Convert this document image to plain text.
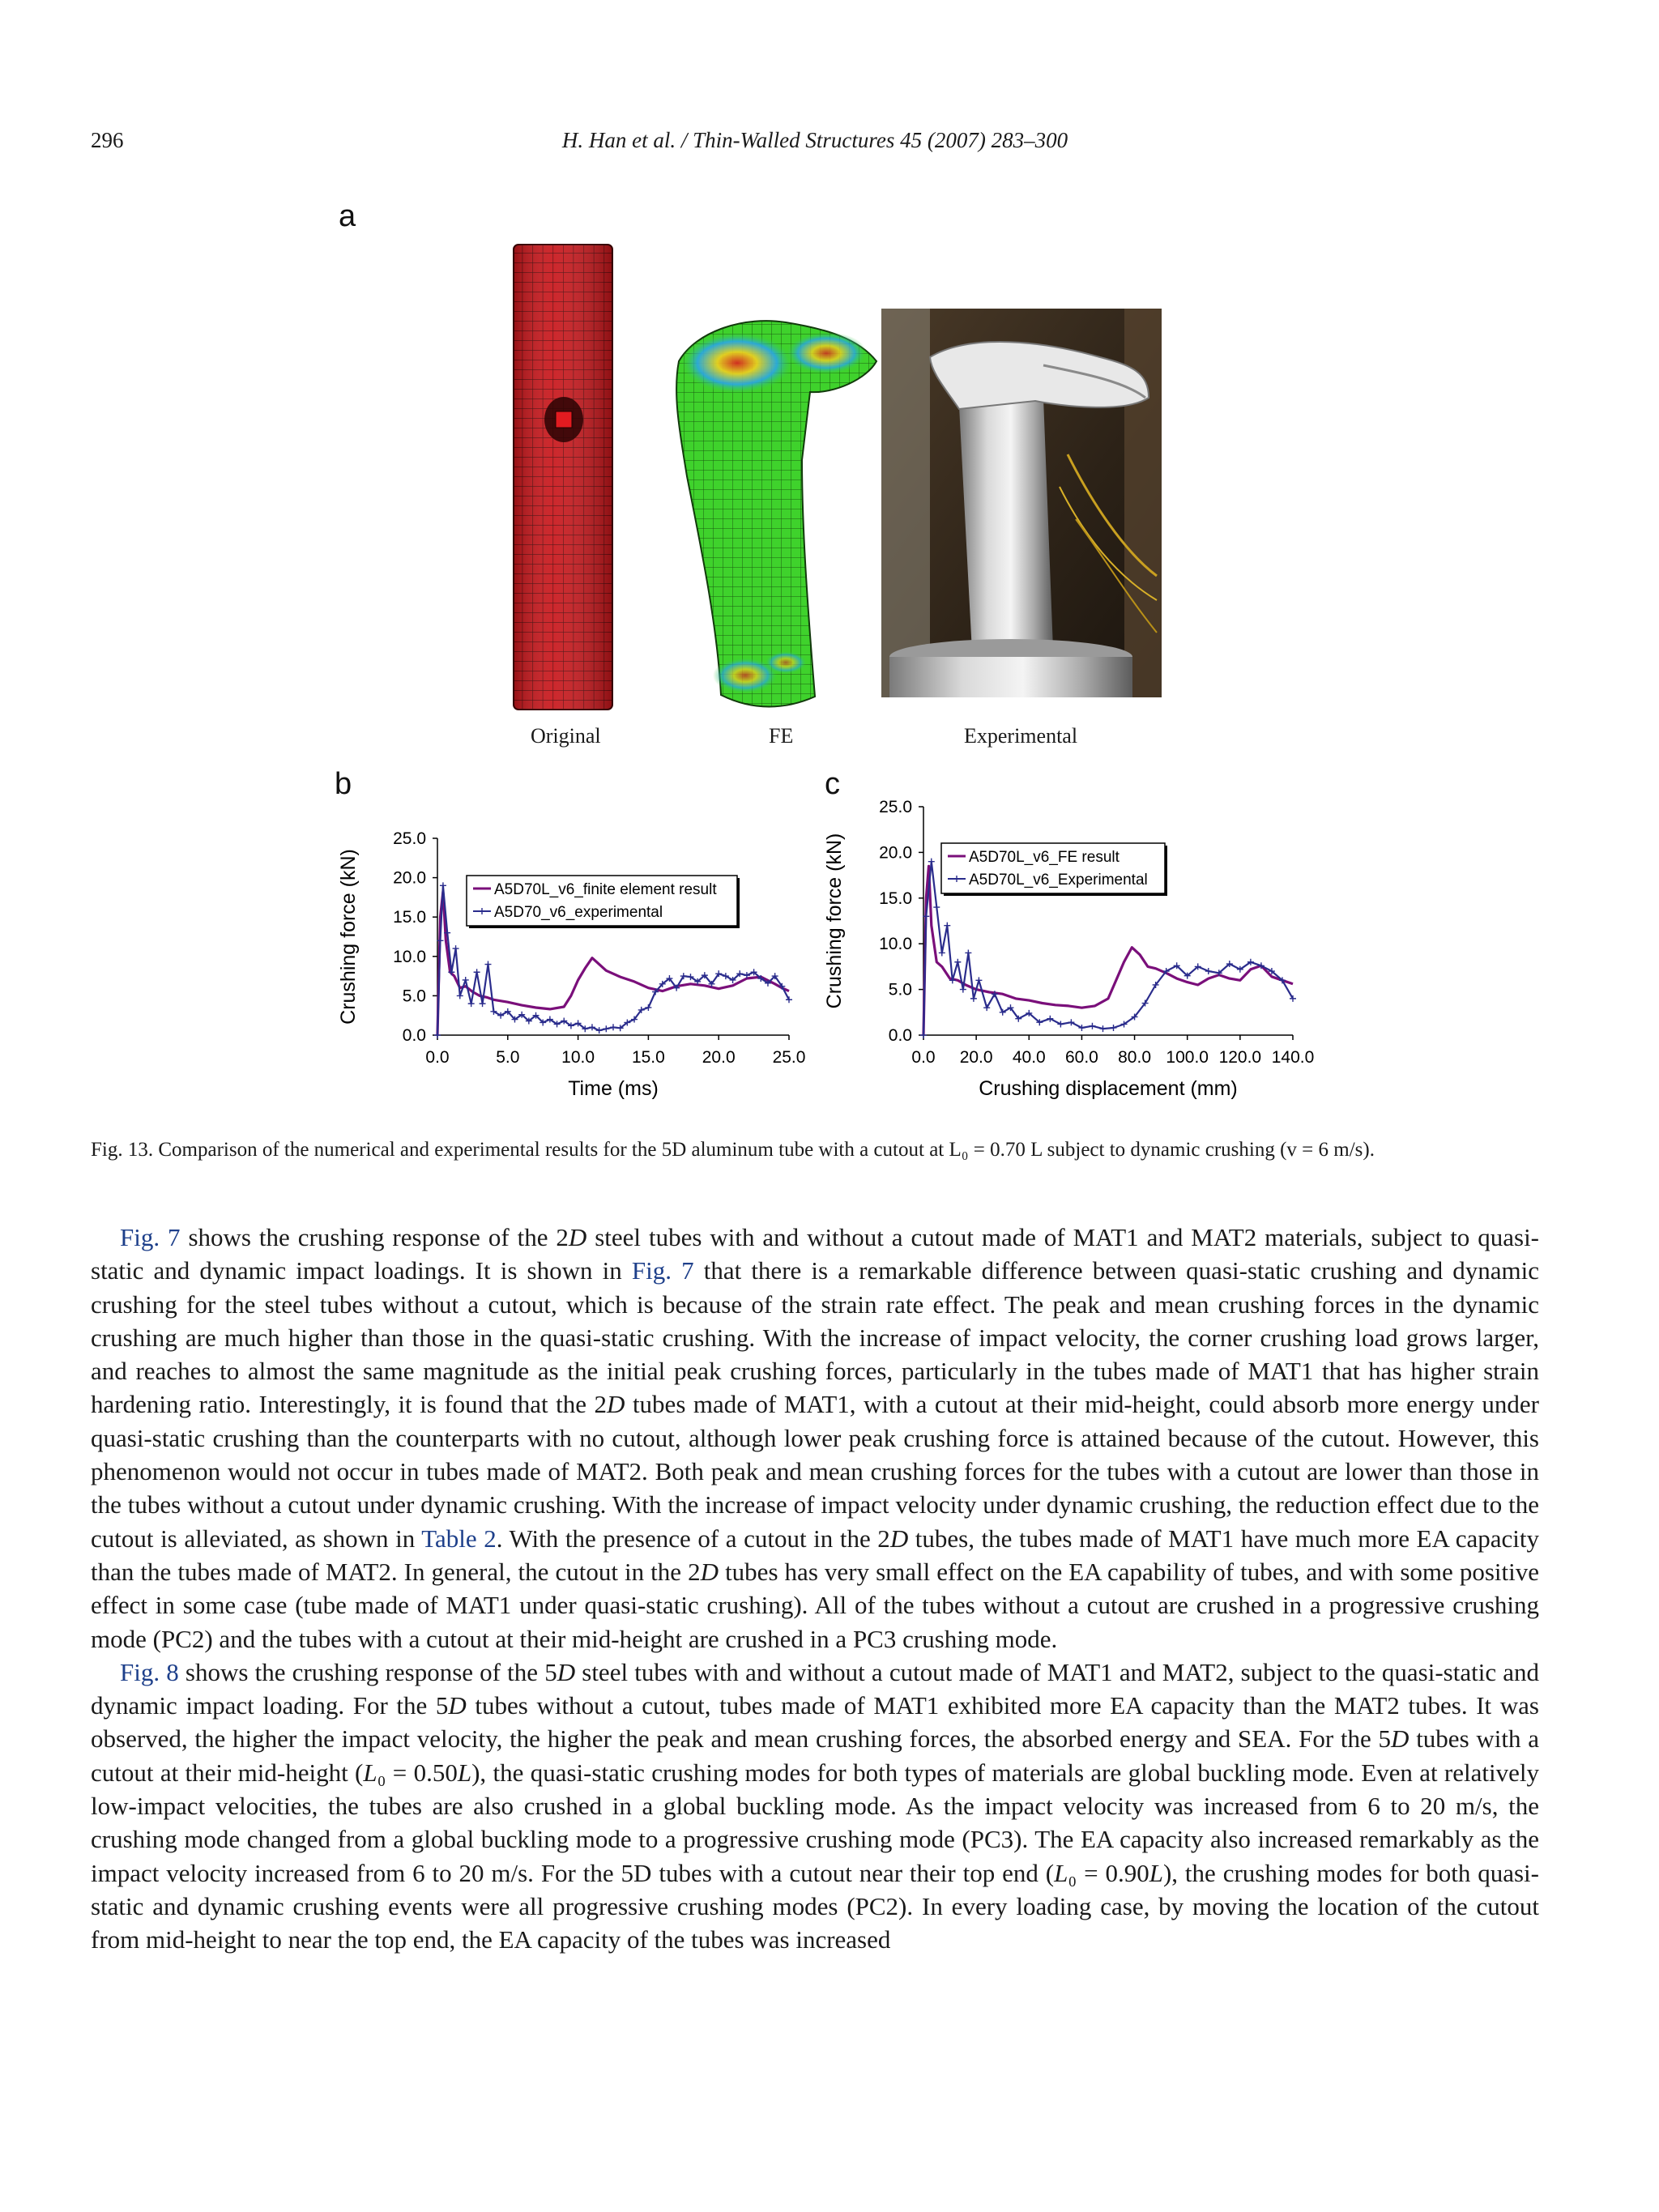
296	H. Han et al. / Thin-Walled Structures 45 (2007) 283–300
a
Original	FE	Experimental
b	c
0.0
5.0
10.0
15.0
20.0
25.0
0.0	5.0 10.0 15.0 20.0 25.0
Time (ms)
Crushing force (kN)	A5D70L_v6_finite element result
A5D70_v6_experimental
0.0
5.0
10.0
15.0
20.0
25.0
0.0 20.0 40.0 60.0 80.0 100.0 120.0 140.0
Crushing displacement (mm)
Crushing force (kN)	A5D70L_v6_FE result
A5D70L_v6_Experimental
Fig. 13. Comparison of the numerical and experimental results for the 5D aluminum tube with a cutout at L₀ = 0.70 L subject to dynamic crushing (v = 6 m/s).

Fig. 7 shows the crushing response of the 2D steel tubes with and without a cutout made of MAT1 and MAT2 materials, subject to quasi-static and dynamic impact loadings. It is shown in Fig. 7 that there is a remarkable difference between quasi-static crushing and dynamic crushing for the steel tubes without a cutout, which is because of the strain rate effect. The peak and mean crushing forces in the dynamic crushing are much higher than those in the quasi-static crushing. With the increase of impact velocity, the corner crushing load grows larger, and reaches to almost the same magnitude as the initial peak crushing forces, particularly in the tubes made of MAT1 that has higher strain hardening ratio. Interestingly, it is found that the 2D tubes made of MAT1, with a cutout at their mid-height, could absorb more energy under quasi-static crushing than the counterparts with no cutout, although lower peak crushing force is attained because of the cutout. However, this phenomenon would not occur in tubes made of MAT2. Both peak and mean crushing forces for the tubes with a cutout are lower than those in the tubes without a cutout under dynamic crushing. With the increase of impact velocity under dynamic crushing, the reduction effect due to the cutout is alleviated, as shown in Table 2. With the presence of a cutout in the 2D tubes, the tubes made of MAT1 have much more EA capacity than the tubes made of MAT2. In general, the cutout in the 2D tubes has very small effect on the EA capability of tubes, and with some positive effect in some case (tube made of MAT1 under quasi-static crushing). All of the tubes without a cutout are crushed in a progressive crushing mode (PC2) and the tubes with a cutout at their mid-height are crushed in a PC3 crushing mode.

Fig. 8 shows the crushing response of the 5D steel tubes with and without a cutout made of MAT1 and MAT2, subject to the quasi-static and dynamic impact loading. For the 5D tubes without a cutout, tubes made of MAT1 exhibited more EA capacity than the MAT2 tubes. It was observed, the higher the impact velocity, the higher the peak and mean crushing forces, the absorbed energy and SEA. For the 5D tubes with a cutout at their mid-height (L₀ = 0.50L), the quasi-static crushing modes for both types of materials are global buckling mode. Even at relatively low-impact velocities, the tubes are also crushed in a global buckling mode. As the impact velocity was increased from 6 to 20 m/s, the crushing mode changed from a global buckling mode to a progressive crushing mode (PC3). The EA capacity also increased remarkably as the impact velocity increased from 6 to 20 m/s. For the 5D tubes with a cutout near their top end (L₀ = 0.90L), the crushing modes for both quasi-static and dynamic crushing events were all progressive crushing modes (PC2). In every loading case, by moving the location of the cutout from mid-height to near the top end, the EA capacity of the tubes was increased
